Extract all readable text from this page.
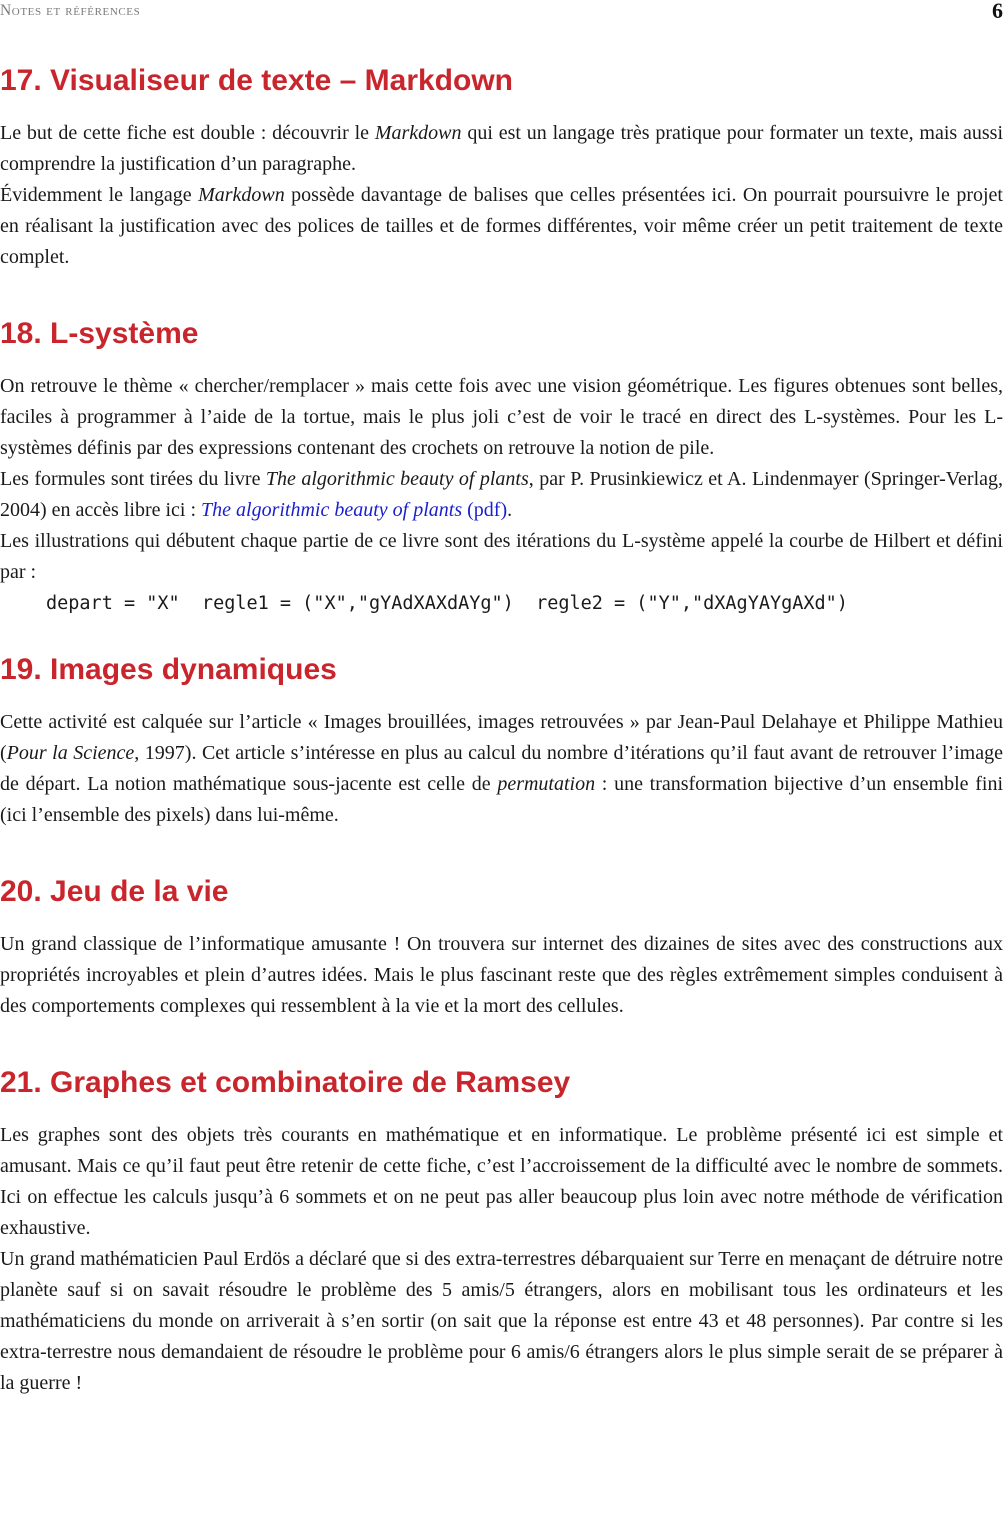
Notes et références	6
17. Visualiseur de texte – Markdown

Le but de cette fiche est double : découvrir le Markdown qui est un langage très pratique pour formater un texte, mais aussi comprendre la justification d’un paragraphe.

Évidemment le langage Markdown possède davantage de balises que celles présentées ici. On pourrait poursuivre le projet en réalisant la justification avec des polices de tailles et de formes différentes, voir même créer un petit traitement de texte complet.

18. L-système

On retrouve le thème « chercher/remplacer » mais cette fois avec une vision géométrique. Les figures obtenues sont belles, faciles à programmer à l’aide de la tortue, mais le plus joli c’est de voir le tracé en direct des L-systèmes. Pour les L-systèmes définis par des expressions contenant des crochets on retrouve la notion de pile.

Les formules sont tirées du livre The algorithmic beauty of plants, par P. Prusinkiewicz et A. Lindenmayer (Springer-Verlag, 2004) en accès libre ici : The algorithmic beauty of plants (pdf).

Les illustrations qui débutent chaque partie de ce livre sont des itérations du L-système appelé la courbe de Hilbert et défini par :

depart = "X"  regle1 = ("X","gYAdXAXdAYg")  regle2 = ("Y","dXAgYAYgAXd")
19. Images dynamiques

Cette activité est calquée sur l’article « Images brouillées, images retrouvées » par Jean-Paul Delahaye et Philippe Mathieu (Pour la Science, 1997). Cet article s’intéresse en plus au calcul du nombre d’itérations qu’il faut avant de retrouver l’image de départ. La notion mathématique sous-jacente est celle de permutation : une transformation bijective d’un ensemble fini (ici l’ensemble des pixels) dans lui-même.

20. Jeu de la vie

Un grand classique de l’informatique amusante ! On trouvera sur internet des dizaines de sites avec des constructions aux propriétés incroyables et plein d’autres idées. Mais le plus fascinant reste que des règles extrêmement simples conduisent à des comportements complexes qui ressemblent à la vie et la mort des cellules.

21. Graphes et combinatoire de Ramsey

Les graphes sont des objets très courants en mathématique et en informatique. Le problème présenté ici est simple et amusant. Mais ce qu’il faut peut être retenir de cette fiche, c’est l’accroissement de la difficulté avec le nombre de sommets. Ici on effectue les calculs jusqu’à 6 sommets et on ne peut pas aller beaucoup plus loin avec notre méthode de vérification exhaustive.

Un grand mathématicien Paul Erdös a déclaré que si des extra-terrestres débarquaient sur Terre en menaçant de détruire notre planète sauf si on savait résoudre le problème des 5 amis/5 étrangers, alors en mobilisant tous les ordinateurs et les mathématiciens du monde on arriverait à s’en sortir (on sait que la réponse est entre 43 et 48 personnes). Par contre si les extra-terrestre nous demandaient de résoudre le problème pour 6 amis/6 étrangers alors le plus simple serait de se préparer à la guerre !
